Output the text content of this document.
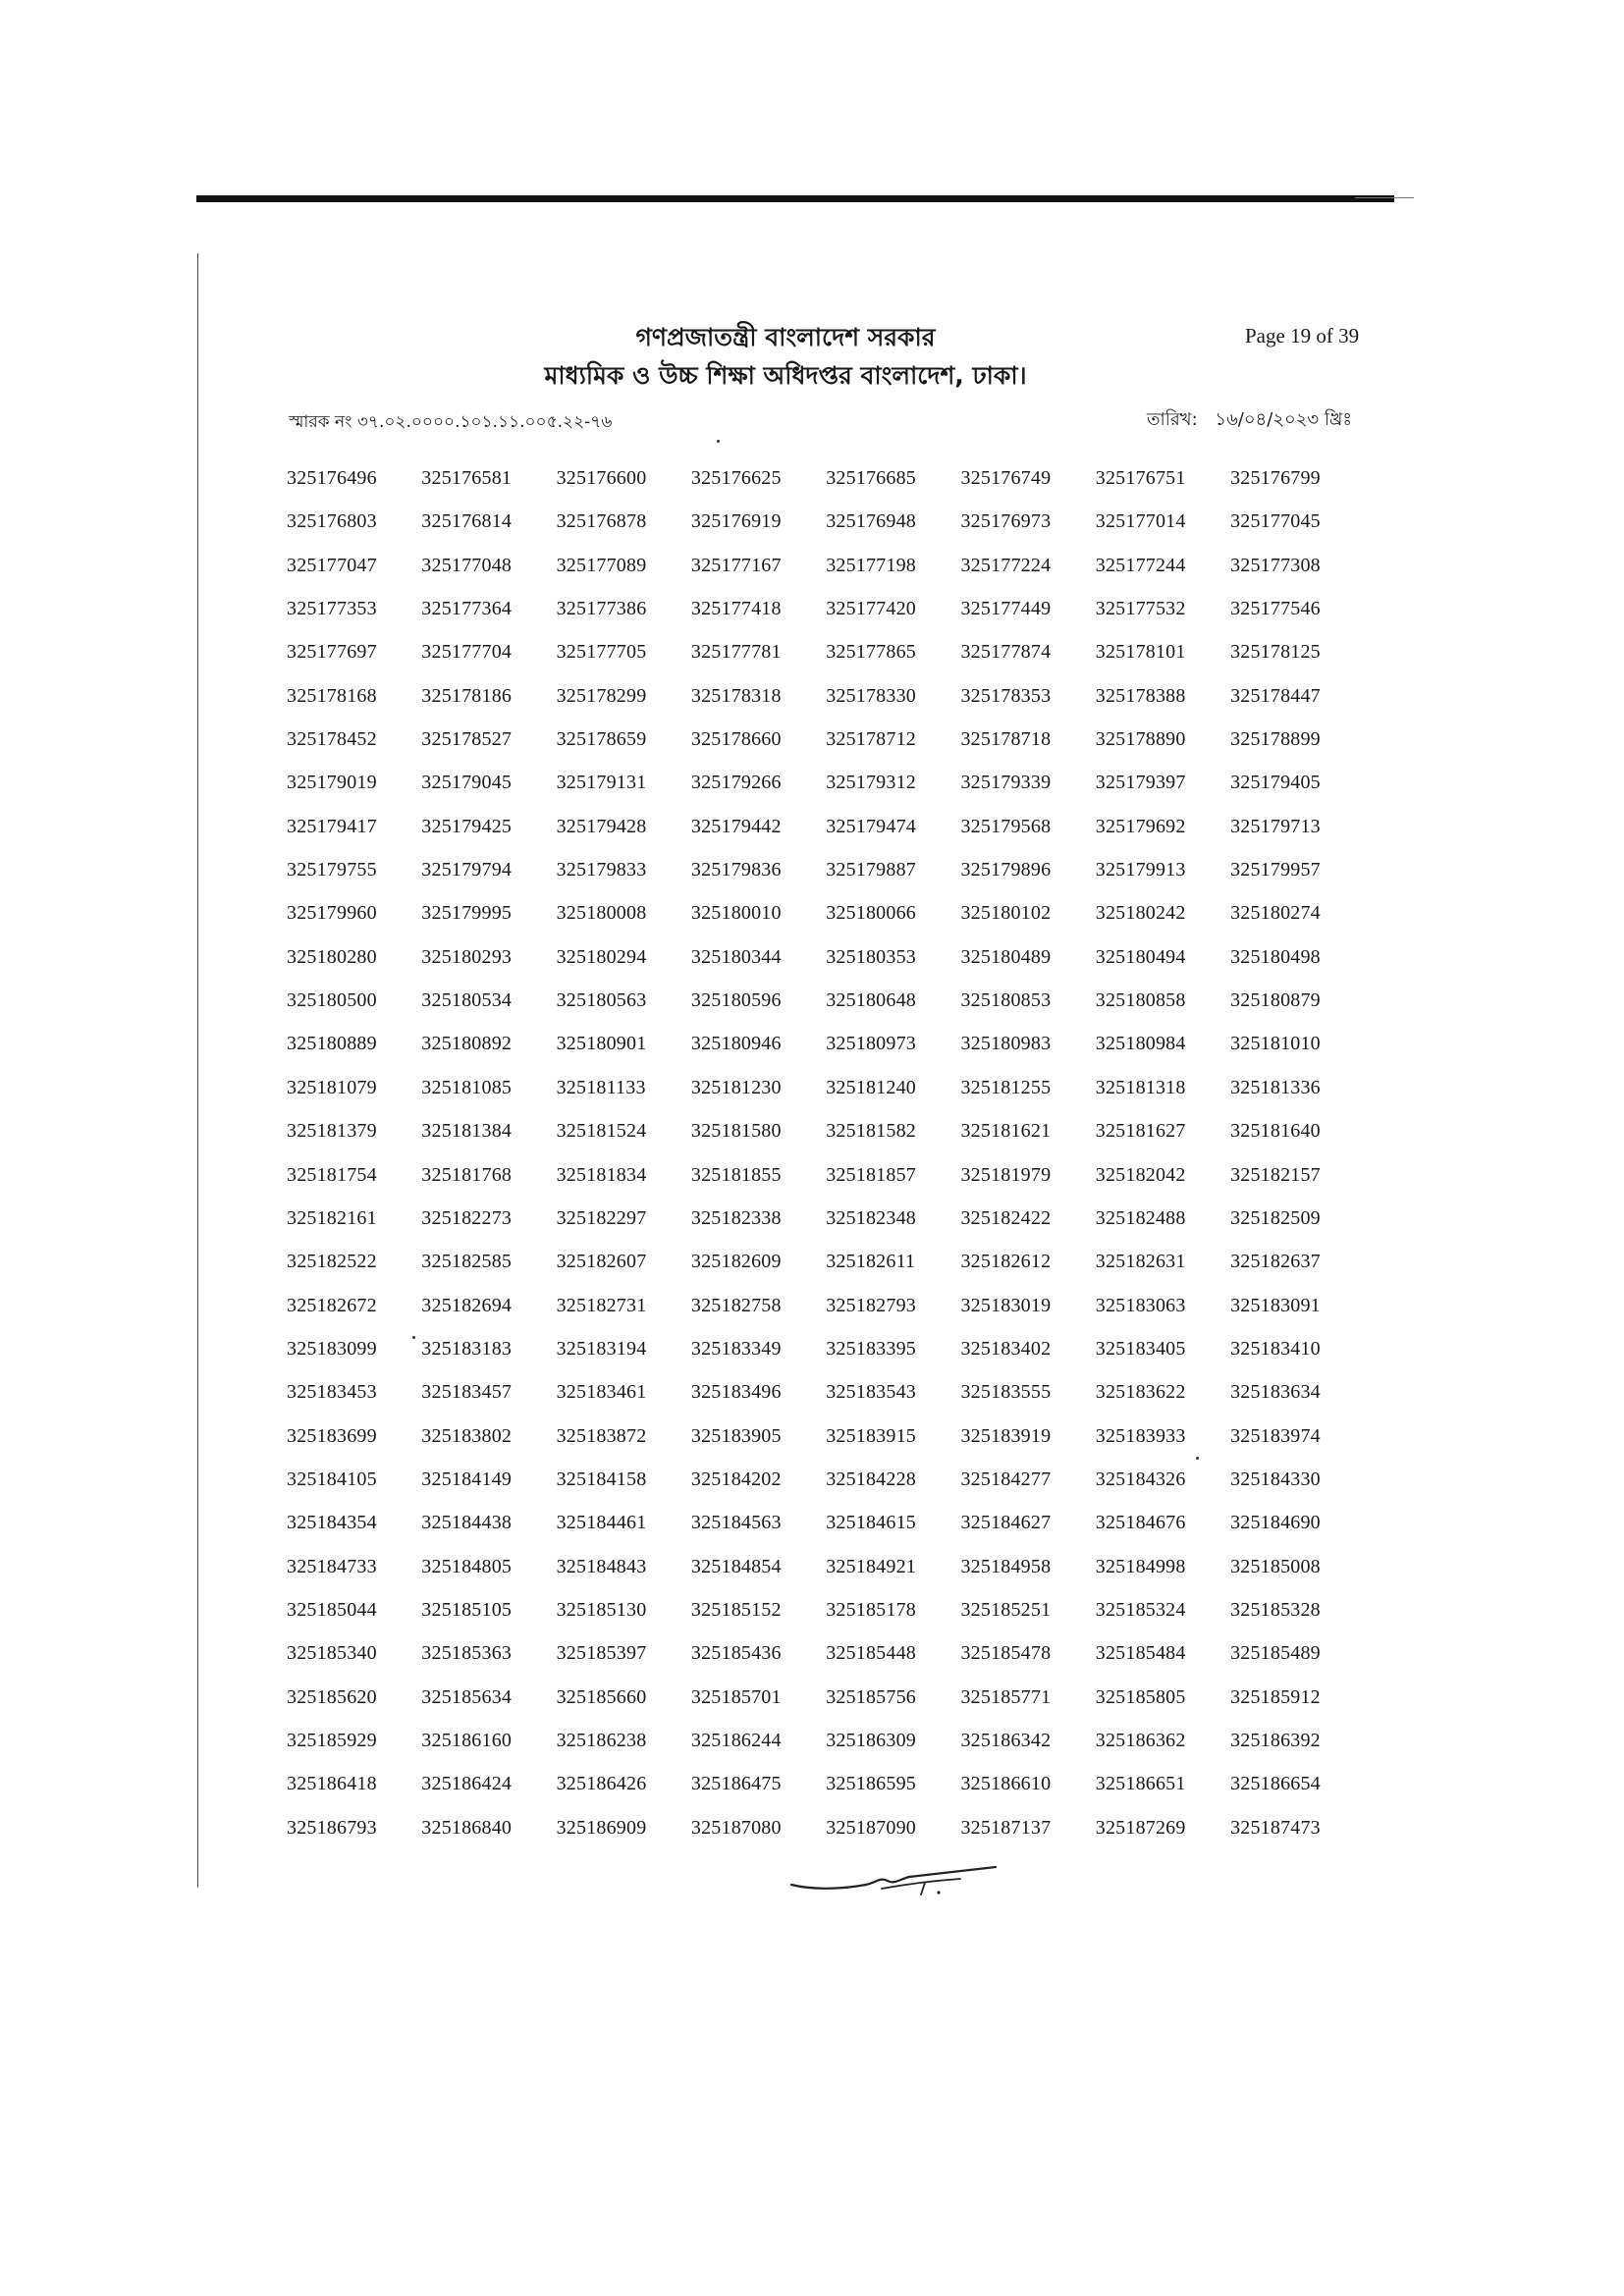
গণপ্রজাতন্ত্রী বাংলাদেশ সরকার
মাধ্যমিক ও উচ্চ শিক্ষা অধিদপ্তর বাংলাদেশ, ঢাকা।
Page 19 of 39
স্মারক নং ৩৭.০২.০০০০.১০১.১১.০০৫.২২-৭৬	তারিখ: ১৬/০৪/২০২৩ খ্রিঃ
325176496	325176581	325176600	325176625	325176685	325176749	325176751	325176799
325176803	325176814	325176878	325176919	325176948	325176973	325177014	325177045
325177047	325177048	325177089	325177167	325177198	325177224	325177244	325177308
325177353	325177364	325177386	325177418	325177420	325177449	325177532	325177546
325177697	325177704	325177705	325177781	325177865	325177874	325178101	325178125
325178168	325178186	325178299	325178318	325178330	325178353	325178388	325178447
325178452	325178527	325178659	325178660	325178712	325178718	325178890	325178899
325179019	325179045	325179131	325179266	325179312	325179339	325179397	325179405
325179417	325179425	325179428	325179442	325179474	325179568	325179692	325179713
325179755	325179794	325179833	325179836	325179887	325179896	325179913	325179957
325179960	325179995	325180008	325180010	325180066	325180102	325180242	325180274
325180280	325180293	325180294	325180344	325180353	325180489	325180494	325180498
325180500	325180534	325180563	325180596	325180648	325180853	325180858	325180879
325180889	325180892	325180901	325180946	325180973	325180983	325180984	325181010
325181079	325181085	325181133	325181230	325181240	325181255	325181318	325181336
325181379	325181384	325181524	325181580	325181582	325181621	325181627	325181640
325181754	325181768	325181834	325181855	325181857	325181979	325182042	325182157
325182161	325182273	325182297	325182338	325182348	325182422	325182488	325182509
325182522	325182585	325182607	325182609	325182611	325182612	325182631	325182637
325182672	325182694	325182731	325182758	325182793	325183019	325183063	325183091
325183099	325183183	325183194	325183349	325183395	325183402	325183405	325183410
325183453	325183457	325183461	325183496	325183543	325183555	325183622	325183634
325183699	325183802	325183872	325183905	325183915	325183919	325183933	325183974
325184105	325184149	325184158	325184202	325184228	325184277	325184326	325184330
325184354	325184438	325184461	325184563	325184615	325184627	325184676	325184690
325184733	325184805	325184843	325184854	325184921	325184958	325184998	325185008
325185044	325185105	325185130	325185152	325185178	325185251	325185324	325185328
325185340	325185363	325185397	325185436	325185448	325185478	325185484	325185489
325185620	325185634	325185660	325185701	325185756	325185771	325185805	325185912
325185929	325186160	325186238	325186244	325186309	325186342	325186362	325186392
325186418	325186424	325186426	325186475	325186595	325186610	325186651	325186654
325186793	325186840	325186909	325187080	325187090	325187137	325187269	325187473
